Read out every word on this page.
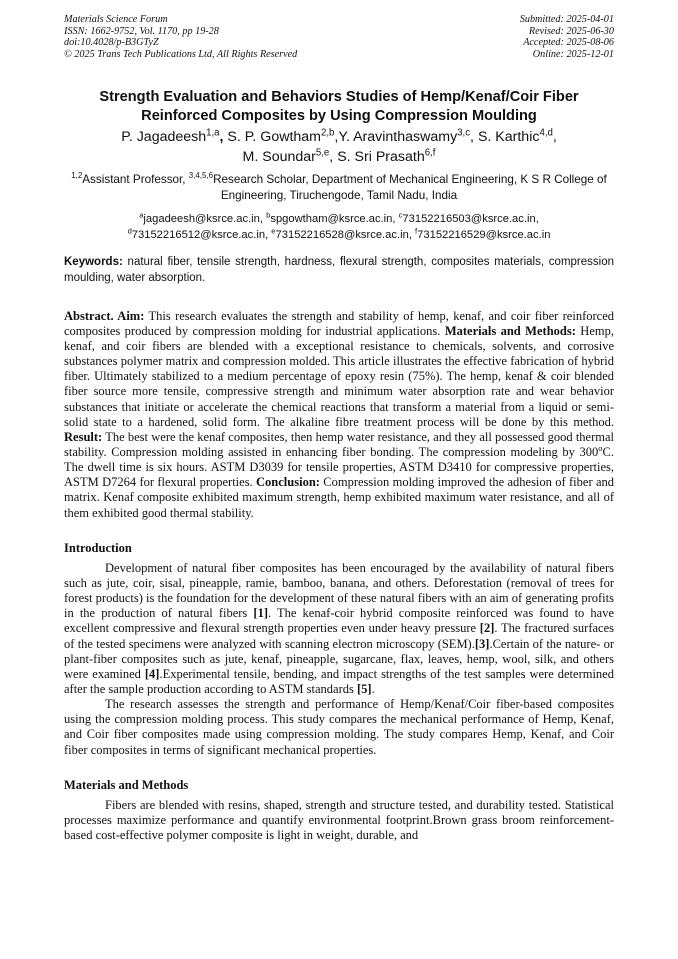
Materials Science Forum
ISSN: 1662-9752, Vol. 1170, pp 19-28
doi:10.4028/p-B3GTyZ
© 2025 Trans Tech Publications Ltd, All Rights Reserved
Submitted: 2025-04-01
Revised: 2025-06-30
Accepted: 2025-08-06
Online: 2025-12-01
Strength Evaluation and Behaviors Studies of Hemp/Kenaf/Coir Fiber Reinforced Composites by Using Compression Moulding
P. Jagadeesh$^{1,a}$, S. P. Gowtham$^{2,b}$,Y. Aravinthaswamy$^{3,c}$, S. Karthic$^{4,d}$,
M. Soundar$^{5,e}$, S. Sri Prasath$^{6,f}$
$^{1,2}$Assistant Professor, $^{3,4,5,6}$Research Scholar, Department of Mechanical Engineering, K S R College of Engineering, Tiruchengode, Tamil Nadu, India
$^a$jagadeesh@ksrce.ac.in, $^b$spgowtham@ksrce.ac.in, $^c$73152216503@ksrce.ac.in,
$^d$73152216512@ksrce.ac.in, $^e$73152216528@ksrce.ac.in, $^f$73152216529@ksrce.ac.in
Keywords: natural fiber, tensile strength, hardness, flexural strength, composites materials, compression moulding, water absorption.
Abstract. Aim: This research evaluates the strength and stability of hemp, kenaf, and coir fiber reinforced composites produced by compression molding for industrial applications. Materials and Methods: Hemp, kenaf, and coir fibers are blended with a exceptional resistance to chemicals, solvents, and corrosive substances polymer matrix and compression molded. This article illustrates the effective fabrication of hybrid fiber. Ultimately stabilized to a medium percentage of epoxy resin (75%). The hemp, kenaf & coir blended fiber source more tensile, compressive strength and minimum water absorption rate and wear behavior substances that initiate or accelerate the chemical reactions that transform a material from a liquid or semi-solid state to a hardened, solid form. The alkaline fibre treatment process will be done by this method. Result: The best were the kenaf composites, then hemp water resistance, and they all possessed good thermal stability. Compression molding assisted in enhancing fiber bonding. The compression modeling by 300$^o$C. The dwell time is six hours. ASTM D3039 for tensile properties, ASTM D3410 for compressive properties, ASTM D7264 for flexural properties. Conclusion: Compression molding improved the adhesion of fiber and matrix. Kenaf composite exhibited maximum strength, hemp exhibited maximum water resistance, and all of them exhibited good thermal stability.
Introduction

Development of natural fiber composites has been encouraged by the availability of natural fibers such as jute, coir, sisal, pineapple, ramie, bamboo, banana, and others. Deforestation (removal of trees for forest products) is the foundation for the development of these natural fibers with an aim of generating profits in the production of natural fibers [1]. The kenaf-coir hybrid composite reinforced was found to have excellent compressive and flexural strength properties even under heavy pressure [2]. The fractured surfaces of the tested specimens were analyzed with scanning electron microscopy (SEM).[3].Certain of the nature- or plant-fiber composites such as jute, kenaf, pineapple, sugarcane, flax, leaves, hemp, wool, silk, and others were examined [4].Experimental tensile, bending, and impact strengths of the test samples were determined after the sample production according to ASTM standards [5].

The research assesses the strength and performance of Hemp/Kenaf/Coir fiber-based composites using the compression molding process. This study compares the mechanical performance of Hemp, Kenaf, and Coir fiber composites made using compression molding. The study compares Hemp, Kenaf, and Coir fiber composites in terms of significant mechanical properties.

Materials and Methods

Fibers are blended with resins, shaped, strength and structure tested, and durability tested. Statistical processes maximize performance and quantify environmental footprint.Brown grass broom reinforcement-based cost-effective polymer composite is light in weight, durable, and
